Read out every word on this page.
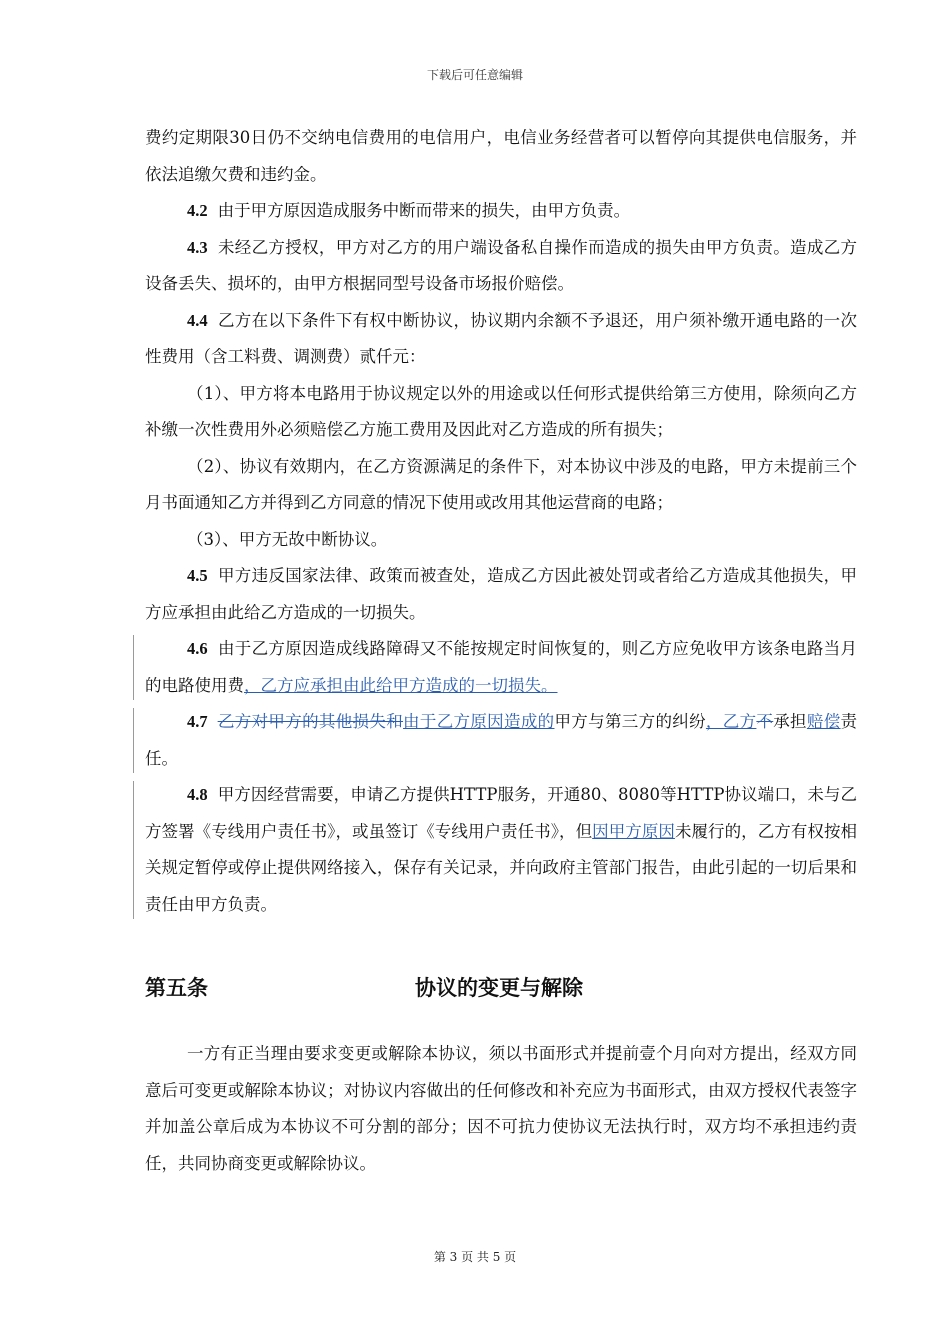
下载后可任意编辑

费约定期限30日仍不交纳电信费用的电信用户，电信业务经营者可以暂停向其提供电信服务，并依法追缴欠费和违约金。

4.2 由于甲方原因造成服务中断而带来的损失，由甲方负责。

4.3 未经乙方授权，甲方对乙方的用户端设备私自操作而造成的损失由甲方负责。造成乙方设备丢失、损坏的，由甲方根据同型号设备市场报价赔偿。

4.4 乙方在以下条件下有权中断协议，协议期内余额不予退还，用户须补缴开通电路的一次性费用（含工料费、调测费）贰仟元：

（1）、甲方将本电路用于协议规定以外的用途或以任何形式提供给第三方使用，除须向乙方补缴一次性费用外必须赔偿乙方施工费用及因此对乙方造成的所有损失；

（2）、协议有效期内，在乙方资源满足的条件下，对本协议中涉及的电路，甲方未提前三个月书面通知乙方并得到乙方同意的情况下使用或改用其他运营商的电路；

（3）、甲方无故中断协议。

4.5 甲方违反国家法律、政策而被查处，造成乙方因此被处罚或者给乙方造成其他损失，甲方应承担由此给乙方造成的一切损失。

4.6 由于乙方原因造成线路障碍又不能按规定时间恢复的，则乙方应免收甲方该条电路当月的电路使用费，乙方应承担由此给甲方造成的一切损失。

4.7 乙方对甲方的其他损失和由于乙方原因造成的甲方与第三方的纠纷，乙方不承担赔偿责任。

4.8 甲方因经营需要，申请乙方提供HTTP服务，开通80、8080等HTTP协议端口，未与乙方签署《专线用户责任书》，或虽签订《专线用户责任书》，但因甲方原因未履行的，乙方有权按相关规定暂停或停止提供网络接入，保存有关记录，并向政府主管部门报告，由此引起的一切后果和责任由甲方负责。

第五条	协议的变更与解除

一方有正当理由要求变更或解除本协议，须以书面形式并提前壹个月向对方提出，经双方同意后可变更或解除本协议；对协议内容做出的任何修改和补充应为书面形式，由双方授权代表签字并加盖公章后成为本协议不可分割的部分；因不可抗力使协议无法执行时，双方均不承担违约责任，共同协商变更或解除协议。

第 3 页 共 5 页
